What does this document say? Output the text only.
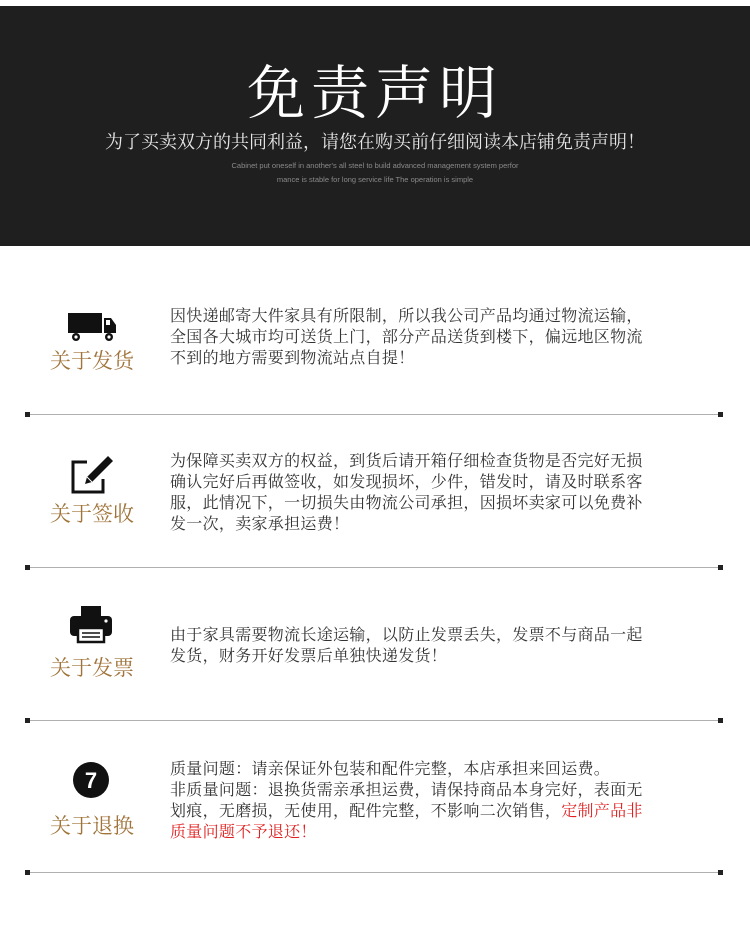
免责声明
为了买卖双方的共同利益，请您在购买前仔细阅读本店铺免责声明！
Cabinet put oneself in another's all steel to build advanced management system perfor
mance is stable for long service life The operation is simple
关于发货
因快递邮寄大件家具有所限制，所以我公司产品均通过物流运输，
全国各大城市均可送货上门，部分产品送货到楼下，偏远地区物流
不到的地方需要到物流站点自提！
关于签收
为保障买卖双方的权益，到货后请开箱仔细检查货物是否完好无损
确认完好后再做签收，如发现损坏，少件，错发时，请及时联系客
服，此情况下，一切损失由物流公司承担，因损坏卖家可以免费补
发一次，卖家承担运费！
关于发票
由于家具需要物流长途运输，以防止发票丢失，发票不与商品一起
发货，财务开好发票后单独快递发货！
7
关于退换
质量问题：请亲保证外包装和配件完整，本店承担来回运费。
非质量问题：退换货需亲承担运费，请保持商品本身完好，表面无
划痕，无磨损，无使用，配件完整，不影响二次销售，定制产品非
质量问题不予退还！
